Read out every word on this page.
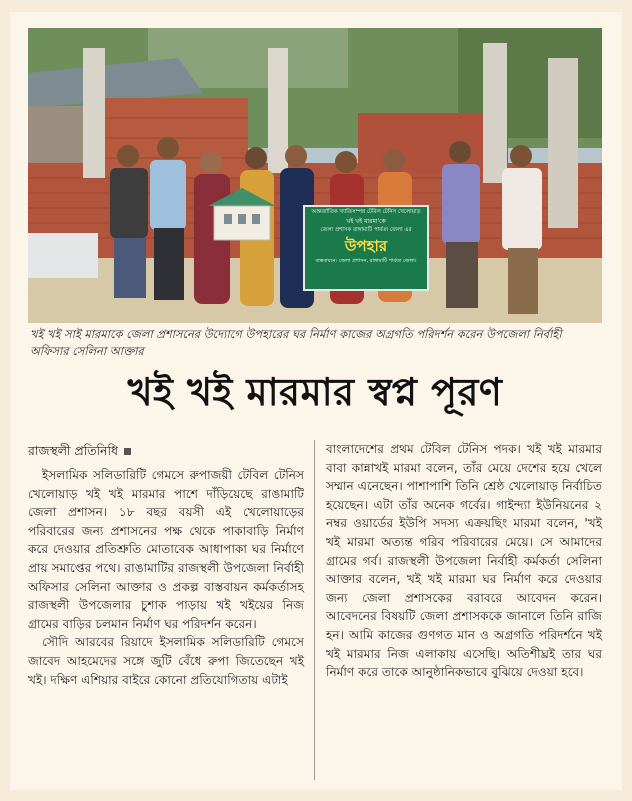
আন্তর্জাতিক খ্যাতিসম্পন্ন টেবিল টেনিস খেলোয়াড়
খই খই মারমা'কে
জেলা প্রশাসক রাঙ্গামাটি পার্বত্য জেলা এর
উপহার
বাস্তবায়নে: জেলা প্রশাসন, রাঙ্গামাটি পার্বত্য জেলা।
খই খই সাই মারমাকে জেলা প্রশাসনের উদ্যোগে উপহারের ঘর নির্মাণ কাজের অগ্রগতি পরিদর্শন করেন উপজেলা নির্বাহী অফিসার সেলিনা আক্তার
খই খই মারমার স্বপ্ন পূরণ
রাজস্থলী প্রতিনিধি

ইসলামিক সলিডারিটি গেমসে রুপাজয়ী টেবিল টেনিস খেলোয়াড় খই খই মারমার পাশে দাঁড়িয়েছে রাঙামাটি জেলা প্রশাসন। ১৮ বছর বয়সী এই খেলোয়াড়ের পরিবারের জন্য প্রশাসনের পক্ষ থেকে পাকাবাড়ি নির্মাণ করে দেওয়ার প্রতিশ্রুতি মোতাবেক আধাপাকা ঘর নির্মাণে প্রায় সমাপ্তের পথে। রাঙামাটির রাজস্থলী উপজেলা নির্বাহী অফিসার সেলিনা আক্তার ও প্রকল্প বাস্তবায়ন কর্মকর্তাসহ রাজস্থলী উপজেলার চুশাক পাড়ায় খই খইয়ের নিজ গ্রামের বাড়ির চলমান নির্মাণ ঘর পরিদর্শন করেন।

সৌদি আরবের রিয়াদে ইসলামিক সলিডারিটি গেমসে জাবেদ আহমেদের সঙ্গে জুটি বেঁধে রুপা জিতেছেন খই খই। দক্ষিণ এশিয়ার বাইরে কোনো প্রতিযোগিতায় এটাই

বাংলাদেশের প্রথম টেবিল টেনিস পদক। খই খই মারমার বাবা কান্নাখই মারমা বলেন, তাঁর মেয়ে দেশের হয়ে খেলে সম্মান এনেছেন। পাশাপাশি তিনি শ্রেষ্ঠ খেলোয়াড় নির্বাচিত হয়েছেন। এটা তাঁর অনেক গর্বের। গাইন্দ্যা ইউনিয়নের ২ নম্বর ওয়ার্ডের ইউপি সদস্য এক্রয়ছিং মারমা বলেন, 'খই খই মারমা অত্যন্ত গরিব পরিবারের মেয়ে। সে আমাদের গ্রামের গর্ব। রাজস্থলী উপজেলা নির্বাহী কর্মকর্তা সেলিনা আক্তার বলেন, খই খই মারমা ঘর নির্মাণ করে দেওয়ার জন্য জেলা প্রশাসকের বরাবরে আবেদন করেন। আবেদনের বিষয়টি জেলা প্রশাসককে জানালে তিনি রাজি হন। আমি কাজের গুণগত মান ও অগ্রগতি পরিদর্শনে খই খই মারমার নিজ এলাকায় এসেছি। অতিশীঘ্রই তার ঘর নির্মাণ করে তাকে আনুষ্ঠানিকভাবে বুঝিয়ে দেওয়া হবে।
